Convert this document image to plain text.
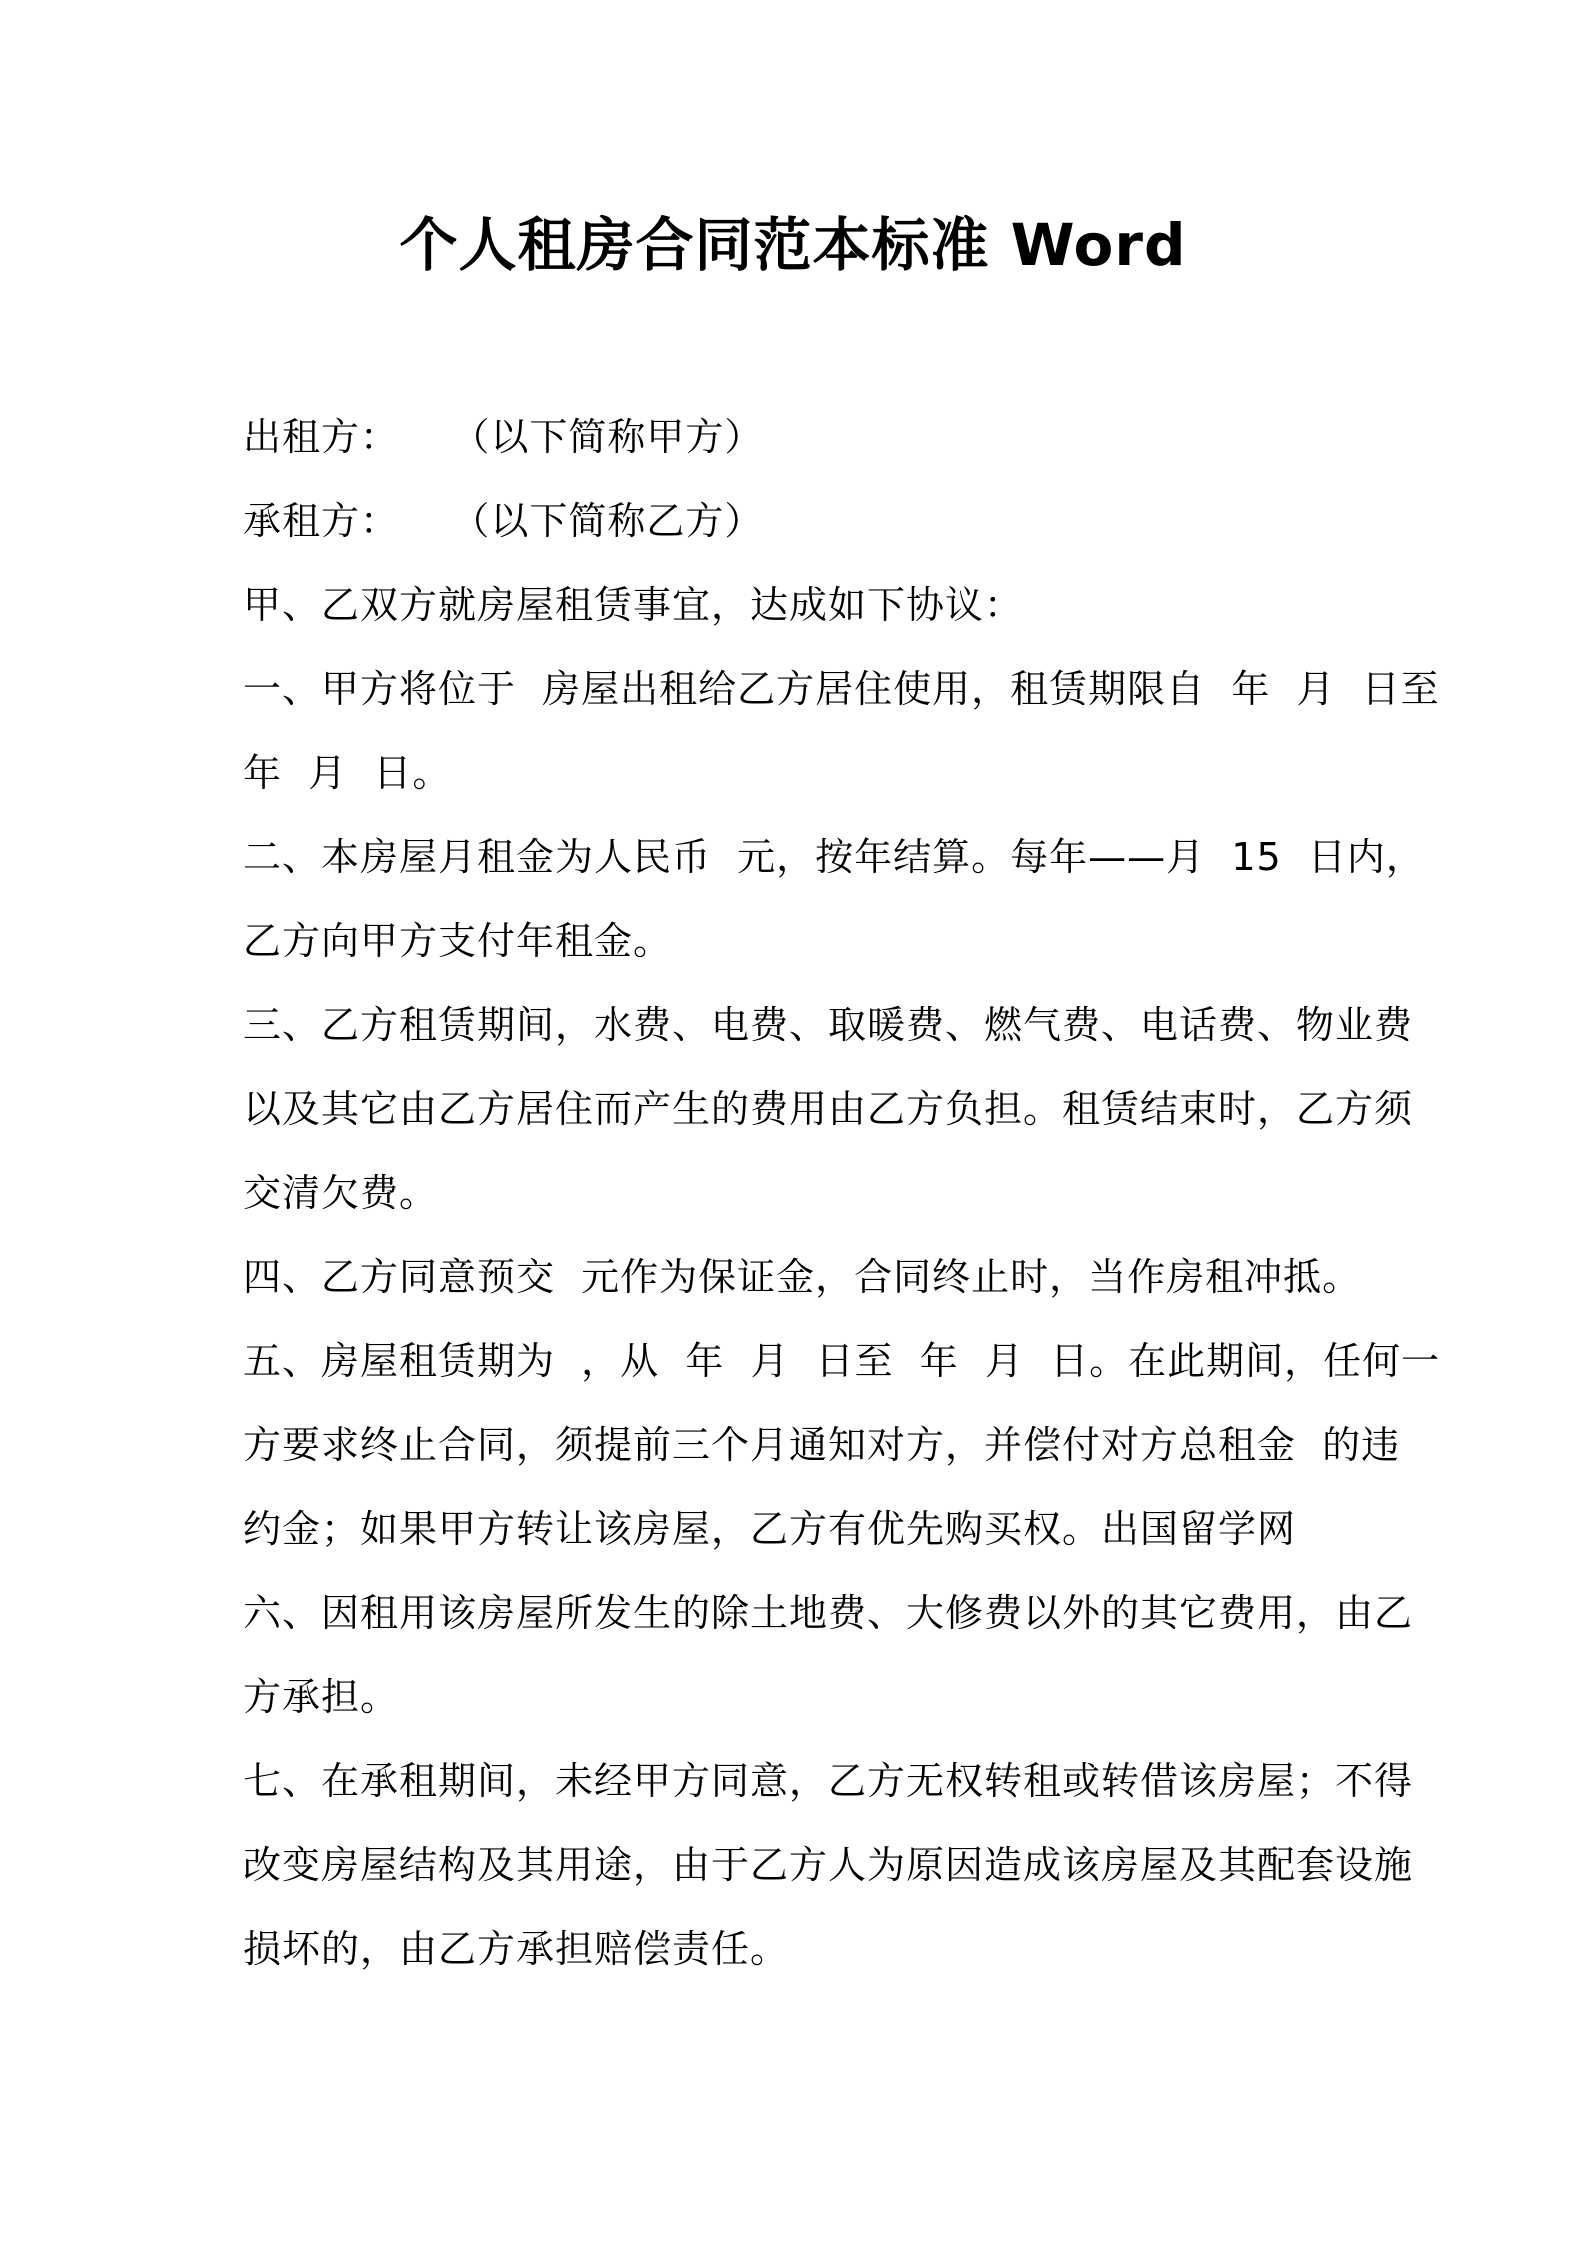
个人租房合同范本标准 Word
出租方：    （以下简称甲方）
承租方：    （以下简称乙方）
甲、乙双方就房屋租赁事宜，达成如下协议：
一、甲方将位于  房屋出租给乙方居住使用，租赁期限自  年  月  日至
年  月  日。
二、本房屋月租金为人民币  元，按年结算。每年——月  15  日内，
乙方向甲方支付年租金。
三、乙方租赁期间，水费、电费、取暖费、燃气费、电话费、物业费
以及其它由乙方居住而产生的费用由乙方负担。租赁结束时，乙方须
交清欠费。
四、乙方同意预交  元作为保证金，合同终止时，当作房租冲抵。
五、房屋租赁期为  ，从  年  月  日至  年  月  日。在此期间，任何一
方要求终止合同，须提前三个月通知对方，并偿付对方总租金  的违
约金；如果甲方转让该房屋，乙方有优先购买权。出国留学网
六、因租用该房屋所发生的除土地费、大修费以外的其它费用，由乙
方承担。
七、在承租期间，未经甲方同意，乙方无权转租或转借该房屋；不得
改变房屋结构及其用途，由于乙方人为原因造成该房屋及其配套设施
损坏的，由乙方承担赔偿责任。
